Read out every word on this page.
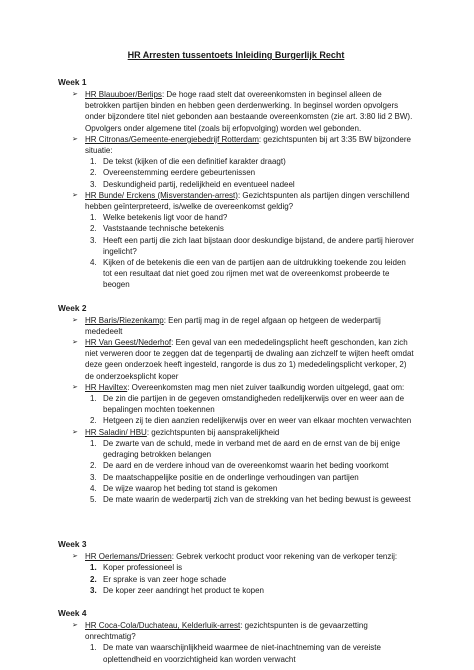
HR Arresten tussentoets Inleiding Burgerlijk Recht
Week 1

➢ HR Blauuboer/Berlips: De hoge raad stelt dat overeenkomsten in beginsel alleen de betrokken partijen binden en hebben geen derdenwerking. In beginsel worden opvolgers onder bijzondere titel niet gebonden aan bestaande overeenkomsten (zie art. 3:80 lid 2 BW). Opvolgers onder algemene titel (zoals bij erfopvolging) worden wel gebonden.

➢ HR Citronas/Gemeente-energiebedrijf Rotterdam: gezichtspunten bij art 3:35 BW bijzondere situatie:

1. De tekst (kijken of die een definitief karakter draagt)
2. Overeenstemming eerdere gebeurtenissen
3. Deskundigheid partij, redelijkheid en eventueel nadeel

➢ HR Bunde/ Erckens (Misverstanden-arrest): Gezichtspunten als partijen dingen verschillend hebben geïnterpreteerd, is/welke de overeenkomst geldig?

1. Welke betekenis ligt voor de hand?
2. Vaststaande technische betekenis
3. Heeft een partij die zich laat bijstaan door deskundige bijstand, de andere partij hierover ingelicht?
4. Kijken of de betekenis die een van de partijen aan de uitdrukking toekende zou leiden tot een resultaat dat niet goed zou rijmen met wat de overeenkomst probeerde te beogen
Week 2

➢ HR Baris/Riezenkamp: Een partij mag in de regel afgaan op hetgeen de wederpartij mededeelt

➢ HR Van Geest/Nederhof: Een geval van een mededelingsplicht heeft geschonden, kan zich niet verweren door te zeggen dat de tegenpartij de dwaling aan zichzelf te wijten heeft omdat deze geen onderzoek heeft ingesteld, rangorde is dus zo 1) mededelingsplicht verkoper, 2) de onderzoeksplicht koper

➢ HR Haviltex: Overeenkomsten mag men niet zuiver taalkundig worden uitgelegd, gaat om:

1. De zin die partijen in de gegeven omstandigheden redelijkerwijs over en weer aan de bepalingen mochten toekennen
2. Hetgeen zij te dien aanzien redelijkerwijs over en weer van elkaar mochten verwachten

➢ HR Saladin/ HBU: gezichtspunten bij aansprakelijkheid

1. De zwarte van de schuld, mede in verband met de aard en de ernst van de bij enige gedraging betrokken belangen
2. De aard en de verdere inhoud van de overeenkomst waarin het beding voorkomt
3. De maatschappelijke positie en de onderlinge verhoudingen van partijen
4. De wijze waarop het beding tot stand is gekomen
5. De mate waarin de wederpartij zich van de strekking van het beding bewust is geweest
Week 3

➢ HR Oerlemans/Driessen: Gebrek verkocht product voor rekening van de verkoper tenzij:

1. Koper professioneel is
2. Er sprake is van zeer hoge schade
3. De koper zeer aandringt het product te kopen
Week 4

➢ HR Coca-Cola/Duchateau, Kelderluik-arrest: gezichtspunten is de gevaarzetting onrechtmatig?

1. De mate van waarschijnlijkheid waarmee de niet-inachtneming van de vereiste oplettendheid en voorzichtigheid kan worden verwacht
